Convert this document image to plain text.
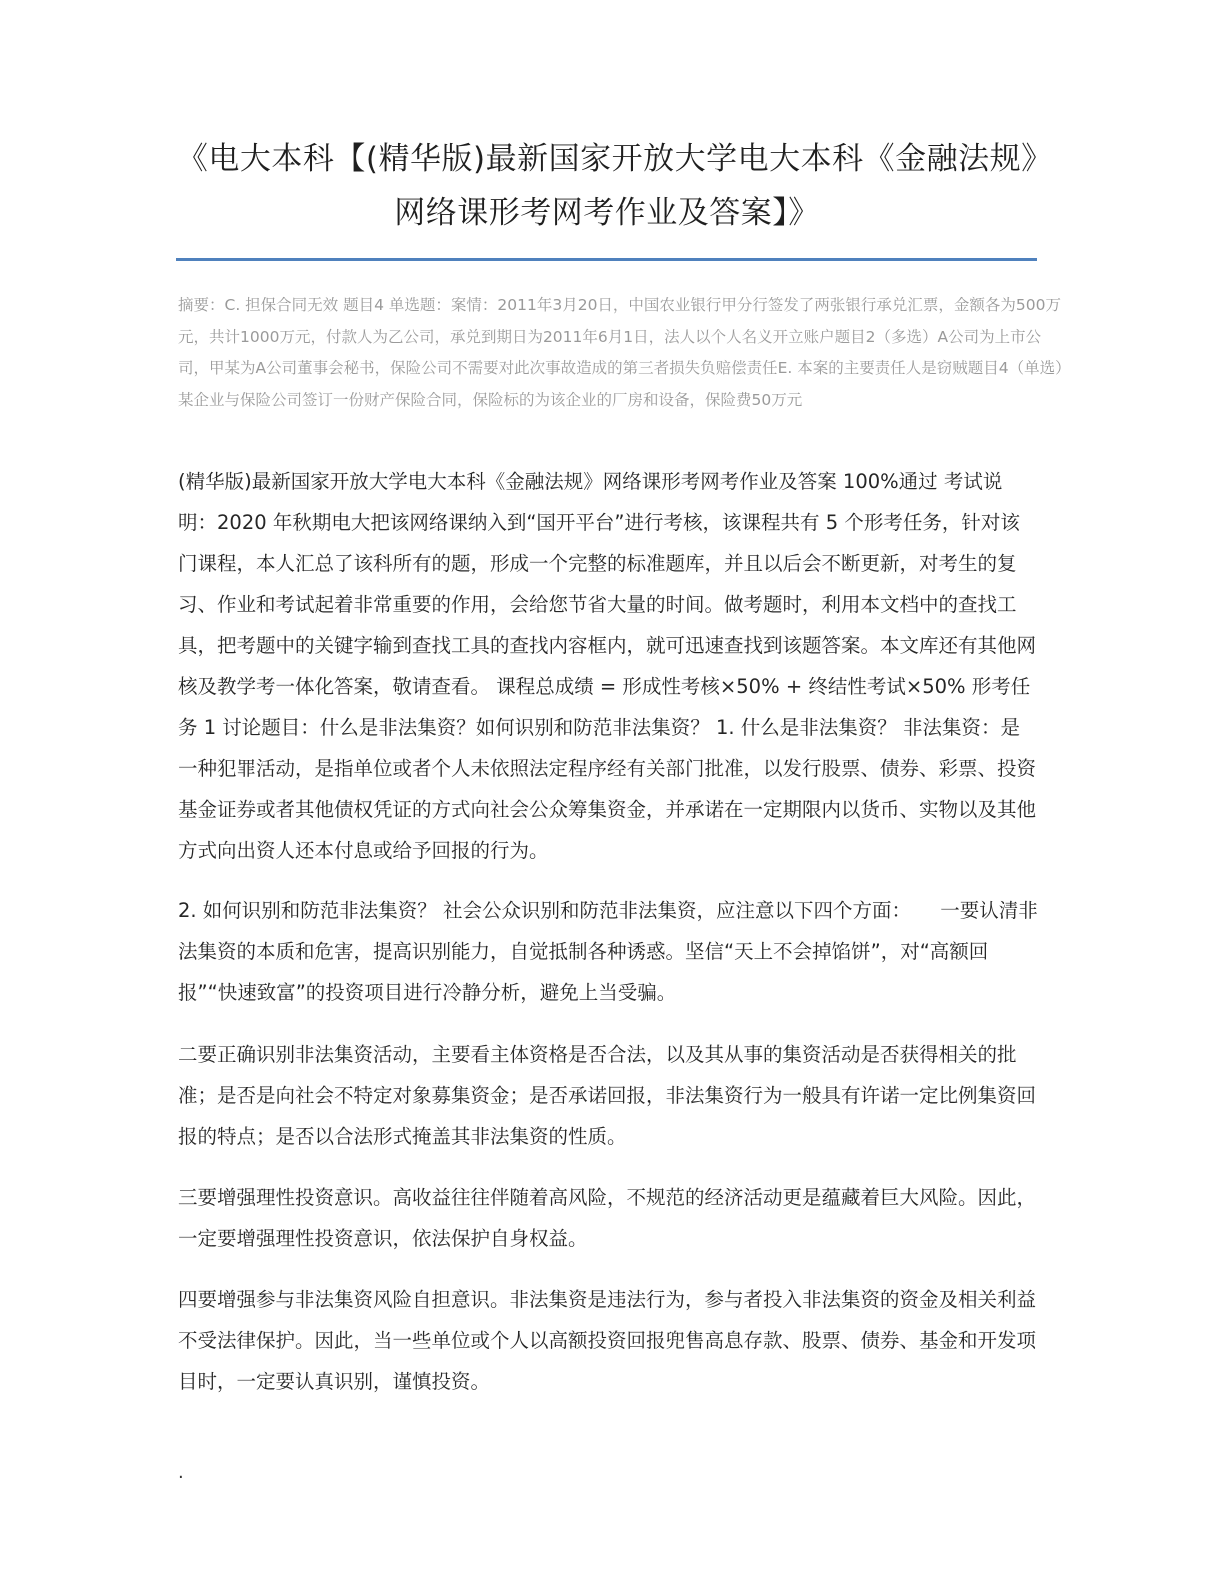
《电大本科【(精华版)最新国家开放大学电大本科《金融法规》网络课形考网考作业及答案】》

摘要：C. 担保合同无效 题目4 单选题：案情：2011年3月20日，中国农业银行甲分行签发了两张银行承兑汇票，金额各为500万元，共计1000万元，付款人为乙公司，承兑到期日为2011年6月1日，法人以个人名义开立账户题目2（多选）A公司为上市公司，甲某为A公司董事会秘书，保险公司不需要对此次事故造成的第三者损失负赔偿责任E. 本案的主要责任人是窃贼题目4（单选）某企业与保险公司签订一份财产保险合同，保险标的为该企业的厂房和设备，保险费50万元

(精华版)最新国家开放大学电大本科《金融法规》网络课形考网考作业及答案 100%通过 考试说明：2020 年秋期电大把该网络课纳入到“国开平台”进行考核，该课程共有 5 个形考任务，针对该门课程，本人汇总了该科所有的题，形成一个完整的标准题库，并且以后会不断更新，对考生的复习、作业和考试起着非常重要的作用，会给您节省大量的时间。做考题时，利用本文档中的查找工具，把考题中的关键字输到查找工具的查找内容框内，就可迅速查找到该题答案。本文库还有其他网核及教学考一体化答案，敬请查看。 课程总成绩 = 形成性考核×50% + 终结性考试×50% 形考任务 1 讨论题目：什么是非法集资？如何识别和防范非法集资？ 1. 什么是非法集资？ 非法集资：是一种犯罪活动，是指单位或者个人未依照法定程序经有关部门批准，以发行股票、债券、彩票、投资基金证券或者其他债权凭证的方式向社会公众筹集资金，并承诺在一定期限内以货币、实物以及其他方式向出资人还本付息或给予回报的行为。

2. 如何识别和防范非法集资？ 社会公众识别和防范非法集资，应注意以下四个方面：　　一要认清非法集资的本质和危害，提高识别能力，自觉抵制各种诱惑。坚信“天上不会掉馅饼”，对“高额回报”“快速致富”的投资项目进行冷静分析，避免上当受骗。

二要正确识别非法集资活动，主要看主体资格是否合法，以及其从事的集资活动是否获得相关的批准；是否是向社会不特定对象募集资金；是否承诺回报，非法集资行为一般具有许诺一定比例集资回报的特点；是否以合法形式掩盖其非法集资的性质。

三要增强理性投资意识。高收益往往伴随着高风险，不规范的经济活动更是蕴藏着巨大风险。因此，一定要增强理性投资意识，依法保护自身权益。

四要增强参与非法集资风险自担意识。非法集资是违法行为，参与者投入非法集资的资金及相关利益不受法律保护。因此，当一些单位或个人以高额投资回报兜售高息存款、股票、债券、基金和开发项目时，一定要认真识别，谨慎投资。

.
